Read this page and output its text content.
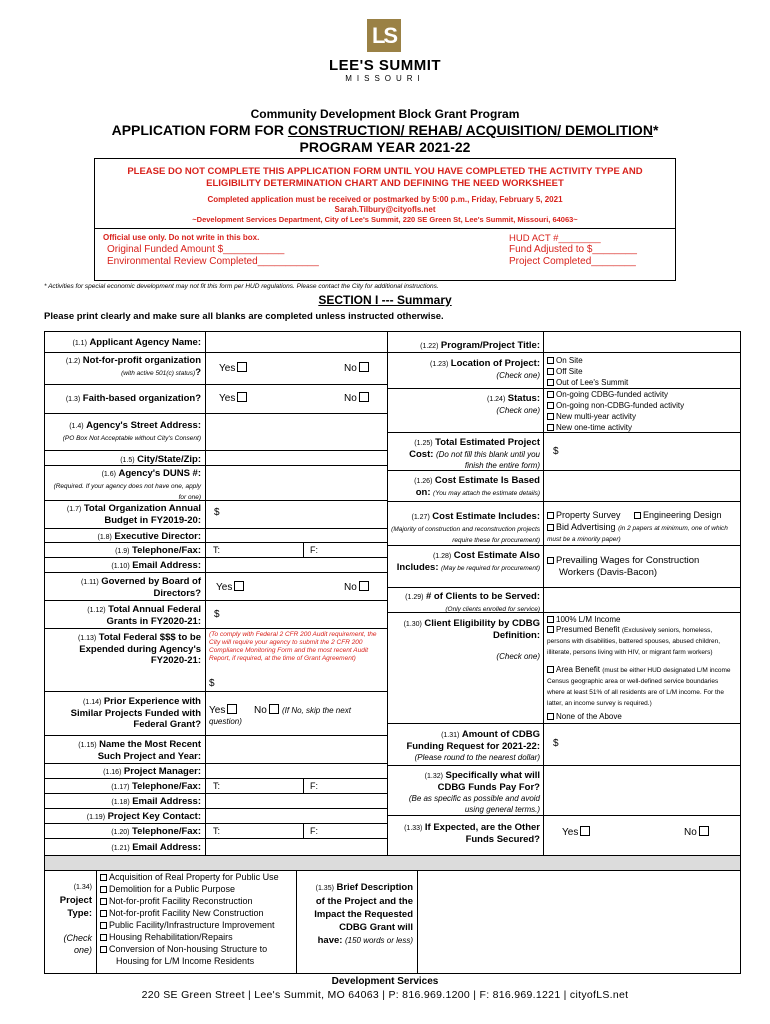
LS
LEE'S SUMMIT
MISSOURI
Community Development Block Grant Program
APPLICATION FORM FOR CONSTRUCTION/ REHAB/ ACQUISITION/ DEMOLITION*
PROGRAM YEAR 2021-22
PLEASE DO NOT COMPLETE THIS APPLICATION FORM UNTIL YOU HAVE COMPLETED THE ACTIVITY TYPE AND
ELIGIBILITY DETERMINATION CHART AND DEFINING THE NEED WORKSHEET
Completed application must be received or postmarked by 5:00 p.m., Friday, February 5, 2021
Sarah.Tilbury@cityofls.net
~Development Services Department, City of Lee's Summit, 220 SE Green St, Lee's Summit, Missouri, 64063~
Official use only. Do not write in this box.
Original Funded Amount $___________
Environmental Review Completed___________
HUD ACT #________
Fund Adjusted to $________
Project Completed________
* Activities for special economic development may not fit this form per HUD regulations. Please contact the City for additional instructions.
SECTION I --- Summary
Please print clearly and make sure all blanks are completed unless instructed otherwise.
(1.1) Applicant Agency Name:
(1.2) Not-for-profit organization
(with active 501(c) status)? Yes	No
(1.3) Faith-based organization? Yes	No
(1.4) Agency's Street Address:
(PO Box Not Acceptable without City's Consent)
(1.5) City/State/Zip:
(1.6) Agency's DUNS #:
(Required. If your agency does not have one, apply for one)
(1.7) Total Organization Annual
Budget in FY2019-20:
$
(1.8) Executive Director:
(1.9) Telephone/Fax: T:	F:
(1.10) Email Address:
(1.11) Governed by Board of
Directors?
Yes	No
(1.12) Total Annual Federal
Grants in FY2020-21:
$
(1.13) Total Federal $$$ to be
Expended during Agency's
FY2020-21:
(To comply with Federal 2 CFR 200 Audit requirement, the City will require your agency to submit the 2 CFR 200 Compliance Monitoring Form and the most recent Audit Report, if required, at the time of Grant Agreement)
$
(1.14) Prior Experience with
Similar Projects Funded with
Federal Grant?
Yes	No	(If No, skip the next question)
(1.15) Name the Most Recent
Such Project and Year:
(1.16) Project Manager:
(1.17) Telephone/Fax: T:	F:
(1.18) Email Address:
(1.19) Project Key Contact:
(1.20) Telephone/Fax: T:	F:
(1.21) Email Address:
(1.22) Program/Project Title:
(1.23) Location of Project:
(Check one)
On Site
Off Site
Out of Lee's Summit
(1.24) Status:
(Check one)
On-going CDBG-funded activity
On-going non-CDBG-funded activity
New multi-year activity
New one-time activity
(1.25) Total Estimated Project
Cost: (Do not fill this blank until you finish the entire form)
$
(1.26) Cost Estimate Is Based
on: (You may attach the estimate details)
(1.27) Cost Estimate Includes:
(Majority of construction and reconstruction projects require these for procurement)
Property Survey	Engineering Design
Bid Advertising (in 2 papers at minimum, one of which must be a minority paper)
(1.28) Cost Estimate Also
Includes: (May be required for procurement)
Prevailing Wages for Construction
Workers (Davis-Bacon)
(1.29) # of Clients to be Served:
(Only clients enrolled for service)
(1.30) Client Eligibility by CDBG
Definition:

(Check one)
100% L/M Income
Presumed Benefit (Exclusively seniors, homeless, persons with disabilities, battered spouses, abused children, illiterate, persons living with HIV, or migrant farm workers)
Area Benefit (must be either HUD designated L/M income Census geographic area or well-defined service boundaries where at least 51% of all residents are of L/M income. For the latter, an income survey is required.)
None of the Above
(1.31) Amount of CDBG
Funding Request for 2021-22:
(Please round to the nearest dollar)
$
(1.32) Specifically what will
CDBG Funds Pay For?
(Be as specific as possible and avoid using general terms.)
(1.33) If Expected, are the Other
Funds Secured?
Yes	No
(1.34)
Project
Type:

(Check
one)
Acquisition of Real Property for Public Use
Demolition for a Public Purpose
Not-for-profit Facility Reconstruction
Not-for-profit Facility New Construction
Public Facility/Infrastructure Improvement
Housing Rehabilitation/Repairs
Conversion of Non-housing Structure to
Housing for L/M Income Residents
(1.35) Brief Description
of the Project and the
Impact the Requested
CDBG Grant will
have: (150 words or less)
Development Services
220 SE Green Street | Lee's Summit, MO 64063 | P: 816.969.1200 | F: 816.969.1221 | cityofLS.net
